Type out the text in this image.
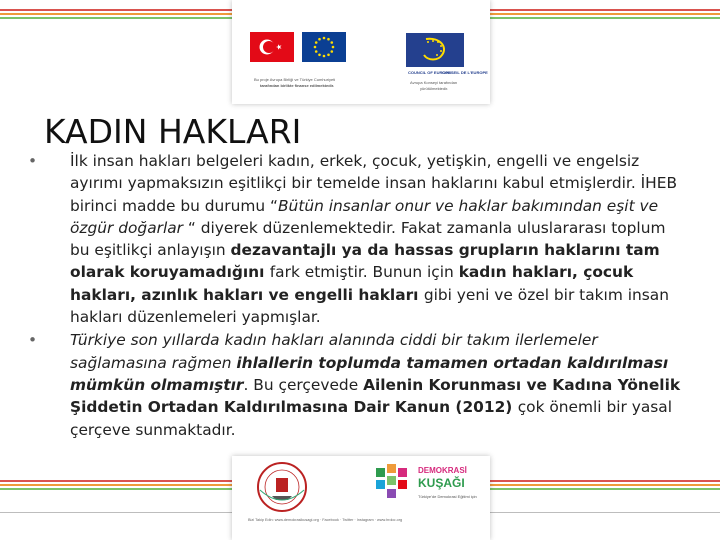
Bu proje Avrupa Birliği ve Türkiye Cumhuriyeti
tarafından birlikte finanse edilmektedir.
COUNCIL OF EUROPE
CONSEIL DE L'EUROPE
Avrupa Konseyi tarafından
yürütülmektedir.
KADIN HAKLARI
•	İlk insan hakları belgeleri kadın, erkek, çocuk, yetişkin, engelli ve engelsiz ayırımı yapmaksızın eşitlikçi bir temelde insan haklarını kabul etmişlerdir. İHEB birinci madde bu durumu “Bütün insanlar onur ve haklar bakımından eşit ve özgür doğarlar “ diyerek düzenlemektedir. Fakat zamanla uluslararası toplum bu eşitlikçi anlayışın dezavantajlı ya da hassas grupların haklarını tam olarak koruyamadığını fark etmiştir. Bunun için kadın hakları, çocuk hakları, azınlık hakları ve engelli hakları gibi yeni ve özel bir takım insan hakları düzenlemeleri yapmışlar.
•	Türkiye son yıllarda kadın hakları alanında ciddi bir takım ilerlemeler sağlamasına rağmen ihlallerin toplumda tamamen ortadan kaldırılması mümkün olmamıştır. Bu çerçevede Ailenin Korunması ve Kadına Yönelik Şiddetin Ortadan Kaldırılmasına Dair Kanun (2012) çok önemli bir yasal çerçeve sunmaktadır.
DEMOKRASİ
KUŞAĞI
Türkiye'de Demokrasi Eğitimi için
Bizi Takip Edin: www.demokrasikusagi.org · Facebook · Twitter · Instagram · www.hrdoc.org
